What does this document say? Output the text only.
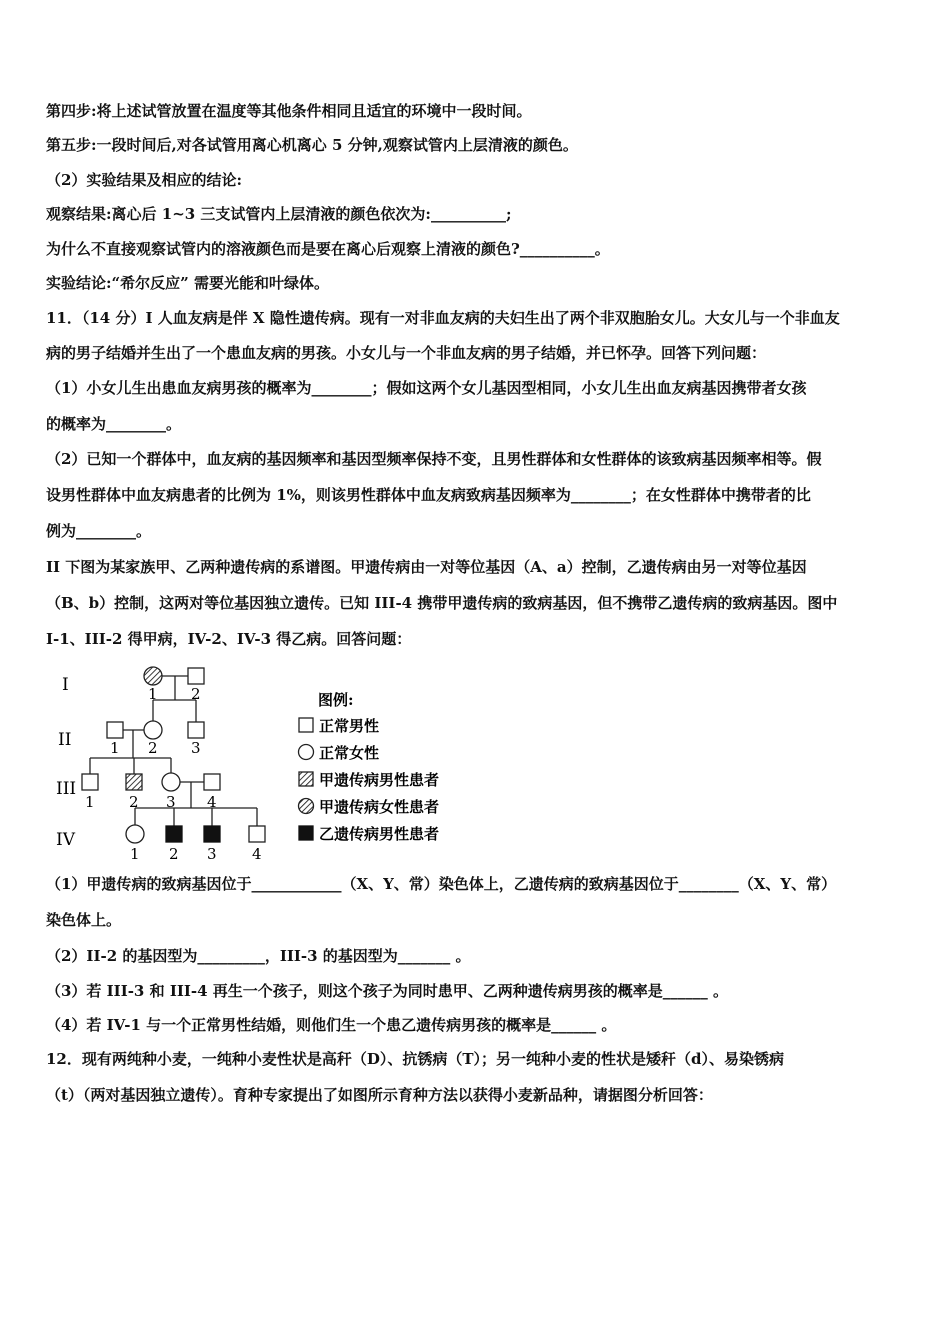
第四步:将上述试管放置在温度等其他条件相同且适宜的环境中一段时间。
第五步:一段时间后,对各试管用离心机离心 5 分钟,观察试管内上层清液的颜色。
（2）实验结果及相应的结论:
观察结果:离心后 1~3 三支试管内上层清液的颜色依次为:__________;
为什么不直接观察试管内的溶液颜色而是要在离心后观察上清液的颜色?__________。
实验结论:“希尔反应” 需要光能和叶绿体。
11．（14 分）I 人血友病是伴 X 隐性遗传病。现有一对非血友病的夫妇生出了两个非双胞胎女儿。大女儿与一个非血友
病的男子结婚并生出了一个患血友病的男孩。小女儿与一个非血友病的男子结婚，并已怀孕。回答下列问题：
（1）小女儿生出患血友病男孩的概率为________；假如这两个女儿基因型相同，小女儿生出血友病基因携带者女孩
的概率为________。
（2）已知一个群体中，血友病的基因频率和基因型频率保持不变，且男性群体和女性群体的该致病基因频率相等。假
设男性群体中血友病患者的比例为 1%，则该男性群体中血友病致病基因频率为________；在女性群体中携带者的比
例为________。
II 下图为某家族甲、乙两种遗传病的系谱图。甲遗传病由一对等位基因（A、a）控制，乙遗传病由另一对等位基因
（B、b）控制，这两对等位基因独立遗传。已知 III-4 携带甲遗传病的致病基因，但不携带乙遗传病的致病基因。图中
I-1、III-2 得甲病，IV-2、IV-3 得乙病。回答问题：
I
II
III
IV
1 2
1 2 3
1 2 3 4
1 2 3 4
图例:
正常男性
正常女性
甲遗传病男性患者
甲遗传病女性患者
乙遗传病男性患者
（1）甲遗传病的致病基因位于____________（X、Y、常）染色体上，乙遗传病的致病基因位于________（X、Y、常）
染色体上。
（2）II-2 的基因型为_________，III-3 的基因型为_______ 。
（3）若 III-3 和 III-4 再生一个孩子，则这个孩子为同时患甲、乙两种遗传病男孩的概率是______ 。
（4）若 IV-1 与一个正常男性结婚，则他们生一个患乙遗传病男孩的概率是______ 。
12．现有两纯种小麦，一纯种小麦性状是高秆（D）、抗锈病（T）；另一纯种小麦的性状是矮秆（d）、易染锈病
（t）（两对基因独立遗传）。育种专家提出了如图所示育种方法以获得小麦新品种，请据图分析回答：
